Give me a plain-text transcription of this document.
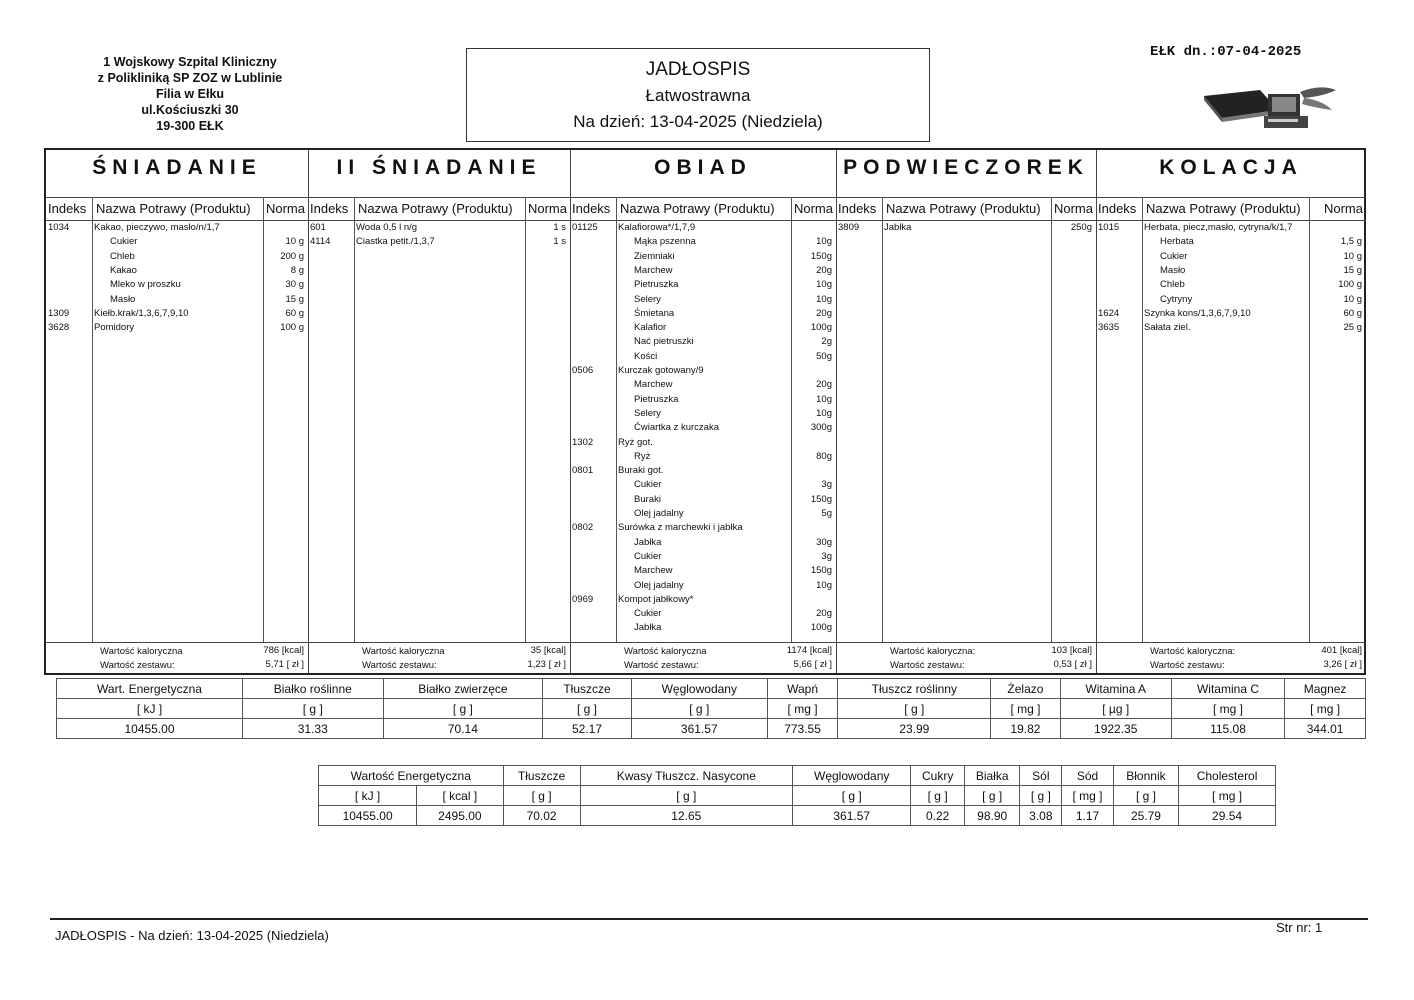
1 Wojskowy Szpital Kliniczny
z Polikliniką SP ZOZ w Lublinie
Filia w Ełku
ul.Kościuszki 30
19-300 EŁK
JADŁOSPIS
Łatwostrawna
Na dzień: 13-04-2025 (Niedziela)
EŁK dn.:07-04-2025
ŚNIADANIE
Indeks Nazwa Potrawy (Produktu) Norma
1034	Kakao, pieczywo, masło/n/1,7
Cukier	10 g
Chleb	200 g
Kakao	8 g
Mleko w proszku	30 g
Masło	15 g
1309	Kiełb.krak/1,3,6,7,9,10	60 g
3628	Pomidory	100 g
Wartość kaloryczna	786 [kcal]
Wartość zestawu:	5,71 [ zł ]
II ŚNIADANIE
Indeks Nazwa Potrawy (Produktu) Norma
601	Woda 0,5 l n/g	1 s
4114	Ciastka petit./1,3,7	1 s
Wartość kaloryczna	35 [kcal]
Wartość zestawu:	1,23 [ zł ]
OBIAD
Indeks Nazwa Potrawy (Produktu) Norma
01125 Kalafiorowa*/1,7,9
Mąka pszenna	10g
Ziemniaki	150g
Marchew	20g
Pietruszka	10g
Selery	10g
Śmietana	20g
Kalafior	100g
Nać pietruszki	2g
Kości	50g
0506	Kurczak gotowany/9
Marchew	20g
Pietruszka	10g
Selery	10g
Ćwiartka z kurczaka	300g
1302	Ryż got.
Ryż	80g
0801	Buraki got.
Cukier	3g
Buraki	150g
Olej jadalny	5g
0802	Surówka z marchewki i jabłka
Jabłka	30g
Cukier	3g
Marchew	150g
Olej jadalny	10g
0969	Kompot jabłkowy*
Cukier	20g
Jabłka	100g
Wartość kaloryczna	1174 [kcal]
Wartość zestawu:	5,66 [ zł ]
PODWIECZOREK
Indeks Nazwa Potrawy (Produktu) Norma
3809	Jabłka	250g
Wartość kaloryczna:	103 [kcal]
Wartość zestawu:	0,53 [ zł ]
KOLACJA
Indeks Nazwa Potrawy (Produktu) Norma
1015	Herbata, piecz,masło, cytryna/k/1,7
Herbata	1,5 g
Cukier	10 g
Masło	15 g
Chleb	100 g
Cytryny	10 g
1624	Szynka kons/1,3,6,7,9,10	60 g
3635	Sałata ziel.	25 g
Wartość kaloryczna:	401 [kcal]
Wartość zestawu:	3,26 [ zł ]
Wart. Energetyczna	Białko roślinne	Białko zwierzęce	Tłuszcze	Węglowodany	Wapń	Tłuszcz roślinny	Żelazo	Witamina A	Witamina C	Magnez
[ kJ ]	[ g ]	[ g ]	[ g ]	[ g ]	[ mg ]	[ g ]	[ mg ]	[ µg ]	[ mg ]	[ mg ]
10455.00	31.33	70.14	52.17	361.57	773.55	23.99	19.82	1922.35	115.08	344.01
Wartość Energetyczna		Tłuszcze	Kwasy Tłuszcz. Nasycone	Węglowodany	Cukry	Białka	Sól	Sód	Błonnik	Cholesterol
[ kJ ]	[ kcal ]	[ g ]	[ g ]	[ g ]	[ g ]	[ g ]	[ g ]	[ mg ]	[ g ]	[ mg ]
10455.00	2495.00	70.02	12.65	361.57	0.22	98.90	3.08	1.17	25.79	29.54
JADŁOSPIS - Na dzień: 13-04-2025 (Niedziela)
Str nr: 1
